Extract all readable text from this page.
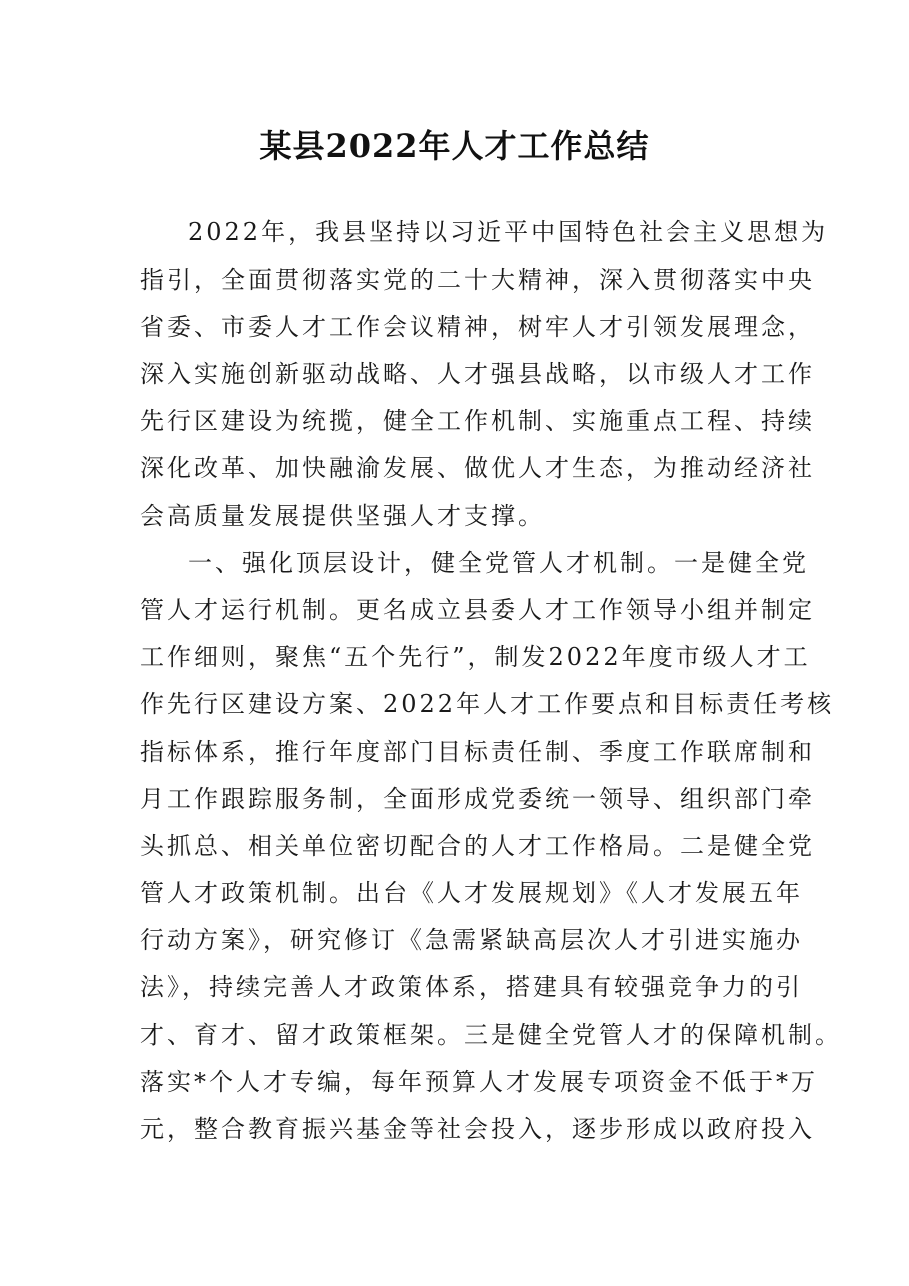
某县2022年人才工作总结
2022年，我县坚持以习近平中国特色社会主义思想为
指引，全面贯彻落实党的二十大精神，深入贯彻落实中央
省委、市委人才工作会议精神，树牢人才引领发展理念，
深入实施创新驱动战略、人才强县战略，以市级人才工作
先行区建设为统揽，健全工作机制、实施重点工程、持续
深化改革、加快融渝发展、做优人才生态，为推动经济社
会高质量发展提供坚强人才支撑。
一、强化顶层设计，健全党管人才机制。一是健全党
管人才运行机制。更名成立县委人才工作领导小组并制定
工作细则，聚焦“五个先行”，制发2022年度市级人才工
作先行区建设方案、2022年人才工作要点和目标责任考核
指标体系，推行年度部门目标责任制、季度工作联席制和
月工作跟踪服务制，全面形成党委统一领导、组织部门牵
头抓总、相关单位密切配合的人才工作格局。二是健全党
管人才政策机制。出台《人才发展规划》《人才发展五年
行动方案》，研究修订《急需紧缺高层次人才引进实施办
法》，持续完善人才政策体系，搭建具有较强竞争力的引
才、育才、留才政策框架。三是健全党管人才的保障机制。
落实*个人才专编，每年预算人才发展专项资金不低于*万
元，整合教育振兴基金等社会投入，逐步形成以政府投入
